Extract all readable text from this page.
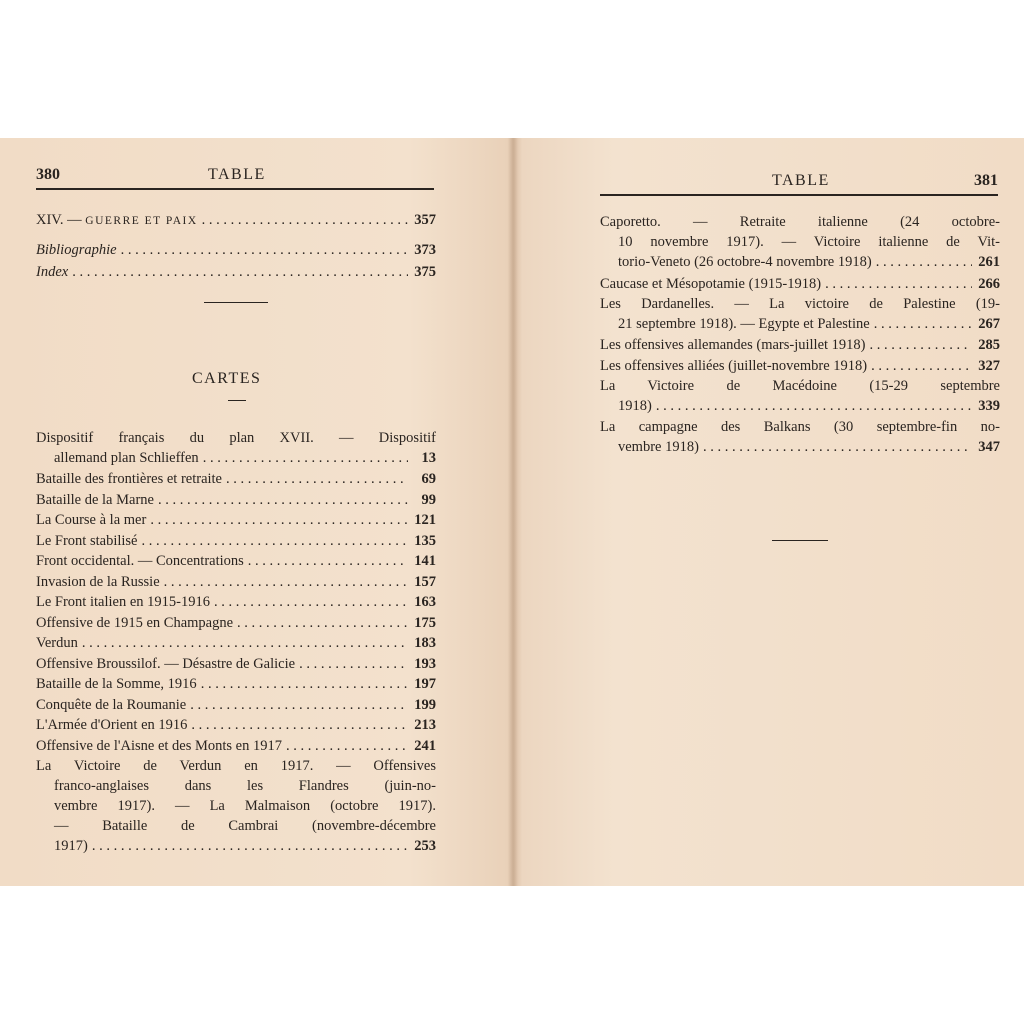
380	TABLE
XIV. — GUERRE ET PAIX . . .	357
Bibliographie . . .	373
Index . . .	375
CARTES
Dispositif français du plan XVII. — Dispositif
allemand plan Schlieffen . . .	13
Bataille des frontières et retraite . . .	69
Bataille de la Marne . . .	99
La Course à la mer . . .	121
Le Front stabilisé . . .	135
Front occidental. — Concentrations . . .	141
Invasion de la Russie . . .	157
Le Front italien en 1915-1916 . . .	163
Offensive de 1915 en Champagne . . .	175
Verdun . . .	183
Offensive Broussilof. — Désastre de Galicie . . .	193
Bataille de la Somme, 1916 . . .	197
Conquête de la Roumanie . . .	199
L'Armée d'Orient en 1916 . . .	213
Offensive de l'Aisne et des Monts en 1917 . . .	241
La Victoire de Verdun en 1917. — Offensives
franco-anglaises dans les Flandres (juin-no-
vembre 1917). — La Malmaison (octobre 1917).
— Bataille de Cambrai (novembre-décembre
1917) . . .	253
TABLE	381
Caporetto. — Retraite italienne (24 octobre-
10 novembre 1917). — Victoire italienne de Vit-
torio-Veneto (26 octobre-4 novembre 1918) . . .	261
Caucase et Mésopotamie (1915-1918) . . .	266
Les Dardanelles. — La victoire de Palestine (19-
21 septembre 1918). — Egypte et Palestine . . .	267
Les offensives allemandes (mars-juillet 1918) . . .	285
Les offensives alliées (juillet-novembre 1918) . . .	327
La Victoire de Macédoine (15-29 septembre
1918) . . .	339
La campagne des Balkans (30 septembre-fin no-
vembre 1918) . . .	347
